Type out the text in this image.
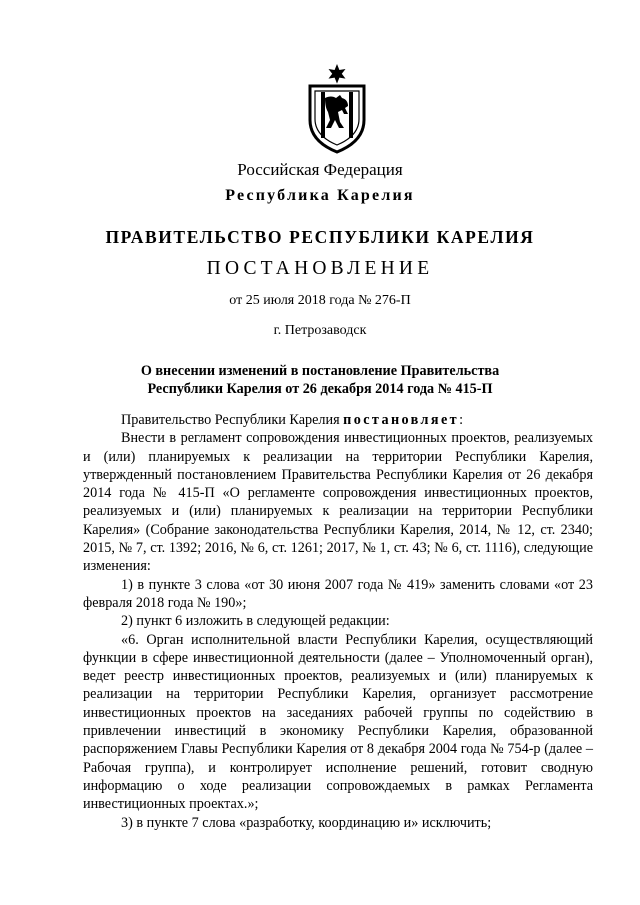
Российская Федерация
Республика Карелия
ПРАВИТЕЛЬСТВО РЕСПУБЛИКИ КАРЕЛИЯ
ПОСТАНОВЛЕНИЕ
от 25 июля 2018 года № 276-П
г. Петрозаводск
О внесении изменений в постановление Правительства
Республики Карелия от 26 декабря 2014 года № 415-П

Правительство Республики Карелия постановляет:

Внести в регламент сопровождения инвестиционных проектов, реализуемых и (или) планируемых к реализации на территории Республики Карелия, утвержденный постановлением Правительства Республики Карелия от 26 декабря 2014 года № 415-П «О регламенте сопровождения инвестиционных проектов, реализуемых и (или) планируемых к реализации на территории Республики Карелия» (Собрание законодательства Республики Карелия, 2014, № 12, ст. 2340; 2015, № 7, ст. 1392; 2016, № 6, ст. 1261; 2017, № 1, ст. 43; № 6, ст. 1116), следующие изменения:

1) в пункте 3 слова «от 30 июня 2007 года № 419» заменить словами «от 23 февраля 2018 года № 190»;

2) пункт 6 изложить в следующей редакции:

«6. Орган исполнительной власти Республики Карелия, осуществляющий функции в сфере инвестиционной деятельности (далее – Уполномоченный орган), ведет реестр инвестиционных проектов, реализуемых и (или) планируемых к реализации на территории Республики Карелия, организует рассмотрение инвестиционных проектов на заседаниях рабочей группы по содействию в привлечении инвестиций в экономику Республики Карелия, образованной распоряжением Главы Республики Карелия от 8 декабря 2004 года № 754-р (далее – Рабочая группа), и контролирует исполнение решений, готовит сводную информацию о ходе реализации сопровождаемых в рамках Регламента инвестиционных проектах.»;

3) в пункте 7 слова «разработку, координацию и» исключить;
